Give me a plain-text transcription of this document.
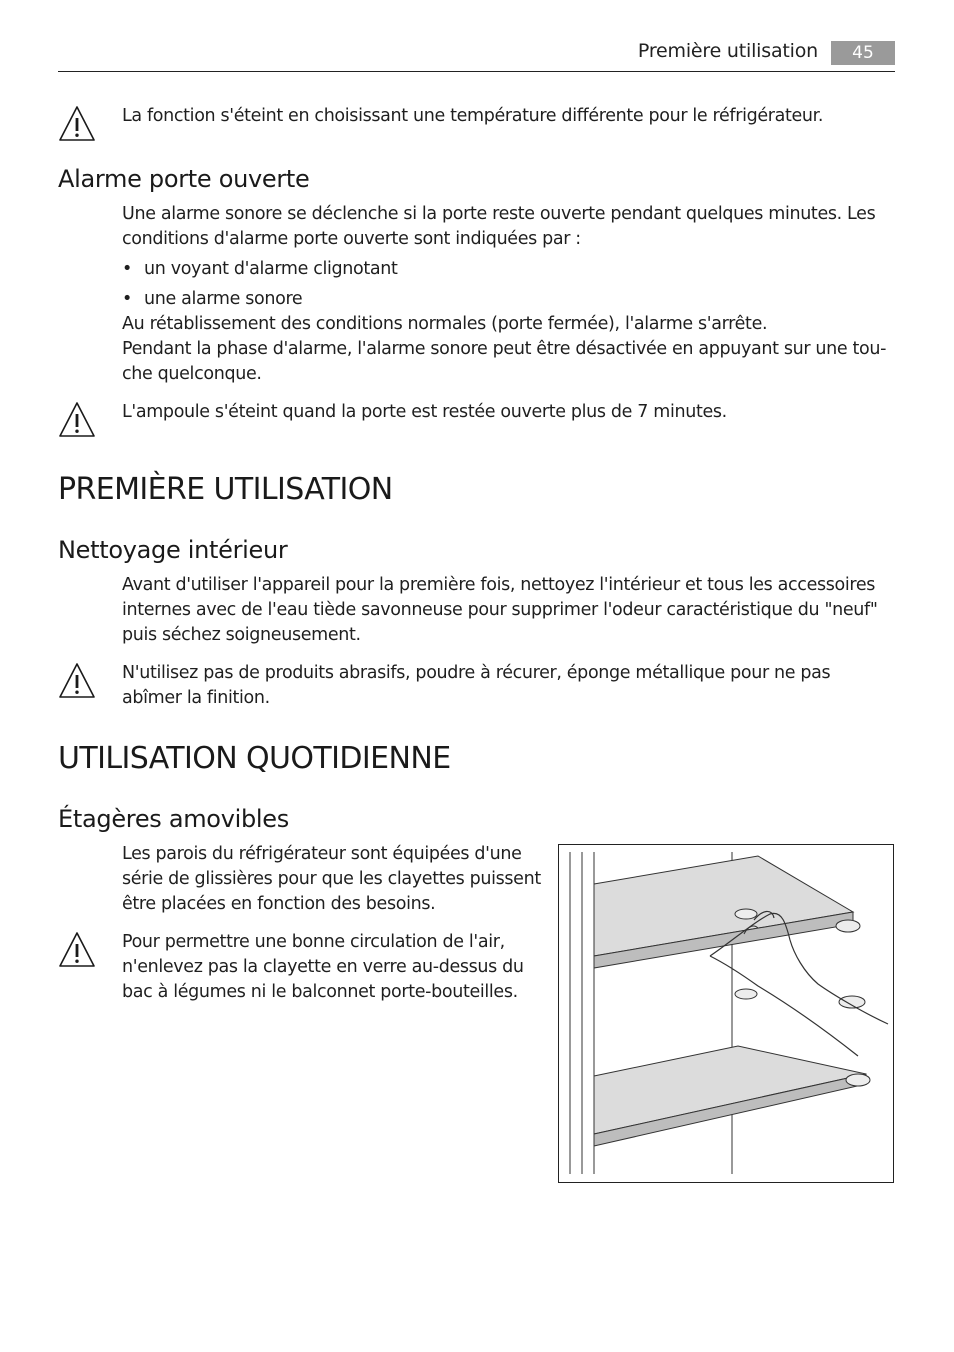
Première utilisation	45

La fonction s'éteint en choisissant une température différente pour le réfrigérateur.

Alarme porte ouverte

Une alarme sonore se déclenche si la porte reste ouverte pendant quelques minutes. Les

conditions d'alarme porte ouverte sont indiquées par :

• un voyant d'alarme clignotant
• une alarme sonore

Au rétablissement des conditions normales (porte fermée), l'alarme s'arrête.

Pendant la phase d'alarme, l'alarme sonore peut être désactivée en appuyant sur une tou-

che quelconque.

L'ampoule s'éteint quand la porte est restée ouverte plus de 7 minutes.

PREMIÈRE UTILISATION
Nettoyage intérieur

Avant d'utiliser l'appareil pour la première fois, nettoyez l'intérieur et tous les accessoires

internes avec de l'eau tiède savonneuse pour supprimer l'odeur caractéristique du "neuf"

puis séchez soigneusement.

N'utilisez pas de produits abrasifs, poudre à récurer, éponge métallique pour ne pas abîmer la finition.

UTILISATION QUOTIDIENNE
Étagères amovibles

Les parois du réfrigérateur sont équipées d'une

série de glissières pour que les clayettes puissent

être placées en fonction des besoins.

Pour permettre une bonne circulation de l'air,

n'enlevez pas la clayette en verre au-dessus du

bac à légumes ni le balconnet porte-bouteilles.
